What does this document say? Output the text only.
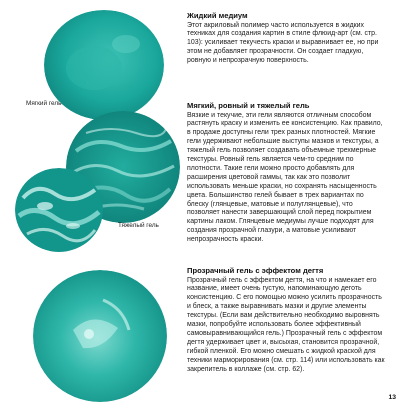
Мягкий гель
Тяжелый гель
Жидкий медиум

Этот акриловый полимер часто используется в жидких техниках для создания картин в стиле флюид-арт (см. стр. 103): усиливает текучесть краски и выравнивает ее, но при этом не добавляет прозрачности. Он создает гладкую, ровную и непрозрачную поверхность.

Мягкий, ровный и тяжелый гель

Вязкие и текучие, эти гели являются отличным способом растянуть краску и изменить ее консистенцию. Как правило, в продаже доступны гели трех разных плотностей. Мягкие гели удерживают небольшие выступы мазков и текстуры, а тяжелый гель позволяет создавать объемные трехмерные текстуры. Ровный гель является чем-то средним по плотности. Такие гели можно просто добавлять для расширения цветовой гаммы, так как это позволит использовать меньше краски, но сохранять насыщенность цвета. Большинство гелей бывает в трех вариантах по блеску (глянцевые, матовые и полуглянцевые), что позволяет нанести завершающий слой перед покрытием картины лаком. Глянцевые медиумы лучше подходят для создания прозрачной глазури, а матовые усиливают непрозрачность краски.

Прозрачный гель с эффектом дегтя

Прозрачный гель с эффектом дегтя, на что и намекает его название, имеет очень густую, напоминающую деготь консистенцию. С его помощью можно усилить прозрачность и блеск, а также выравнивать мазки и другие элементы текстуры. (Если вам действительно необходимо выровнять мазки, попробуйте использовать более эффективный самовыравнивающийся гель.) Прозрачный гель с эффектом дегтя удерживает цвет и, высыхая, становится прозрачной, гибкой пленкой. Его можно смешать с жидкой краской для техники марморирования (см. стр. 114) или использовать как закрепитель в коллаже (см. стр. 62).

13
